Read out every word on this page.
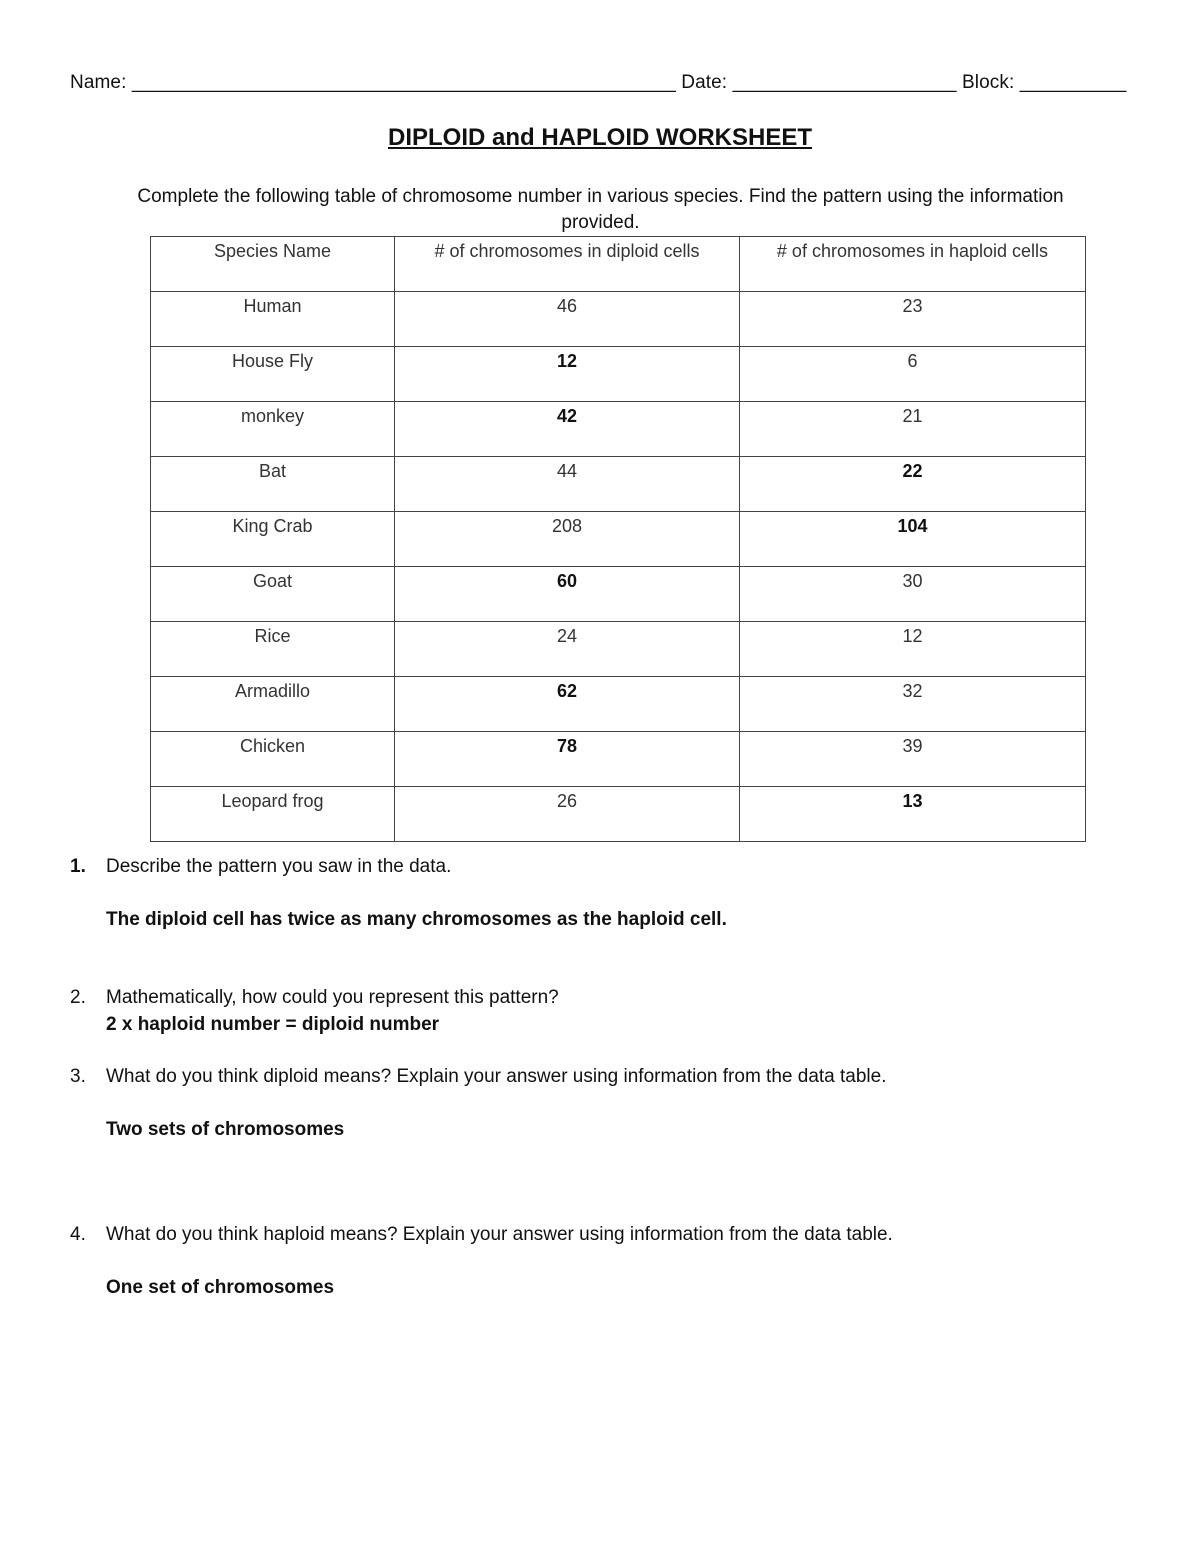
Name: ___________________________________________________ Date: _____________________ Block: __________
DIPLOID and HAPLOID WORKSHEET
Complete the following table of chromosome number in various species. Find the pattern using the information provided.
Species Name	# of chromosomes in diploid cells	# of chromosomes in haploid cells
Human	46	23
House Fly	12	6
monkey	42	21
Bat	44	22
King Crab	208	104
Goat	60	30
Rice	24	12
Armadillo	62	32
Chicken	78	39
Leopard frog	26	13
1.	Describe the pattern you saw in the data.
The diploid cell has twice as many chromosomes as the haploid cell.
2.	Mathematically, how could you represent this pattern?
2 x haploid number = diploid number
3.	What do you think diploid means? Explain your answer using information from the data table.
Two sets of chromosomes
4.	What do you think haploid means? Explain your answer using information from the data table.
One set of chromosomes
